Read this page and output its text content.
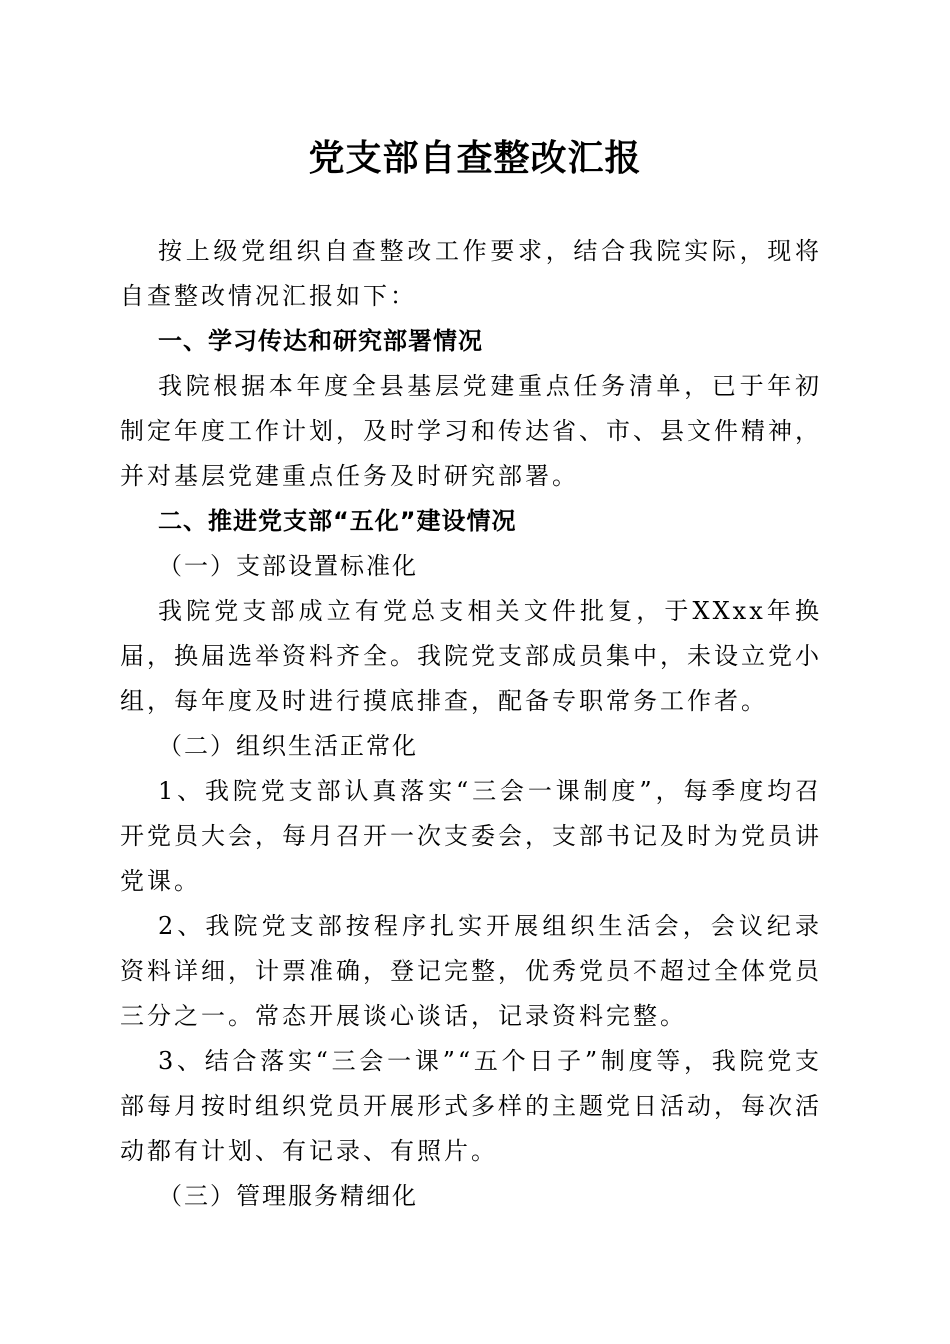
党支部自查整改汇报

按上级党组织自查整改工作要求，结合我院实际，现将自查整改情况汇报如下：

一、学习传达和研究部署情况

我院根据本年度全县基层党建重点任务清单，已于年初制定年度工作计划，及时学习和传达省、市、县文件精神，并对基层党建重点任务及时研究部署。

二、推进党支部“五化”建设情况

（一）支部设置标准化

我院党支部成立有党总支相关文件批复，于XXxx年换届，换届选举资料齐全。我院党支部成员集中，未设立党小组，每年度及时进行摸底排查，配备专职常务工作者。

（二）组织生活正常化

1、我院党支部认真落实“三会一课制度”，每季度均召开党员大会，每月召开一次支委会，支部书记及时为党员讲党课。

2、我院党支部按程序扎实开展组织生活会，会议纪录资料详细，计票准确，登记完整，优秀党员不超过全体党员三分之一。常态开展谈心谈话，记录资料完整。

3、结合落实“三会一课”“五个日子”制度等，我院党支部每月按时组织党员开展形式多样的主题党日活动，每次活动都有计划、有记录、有照片。

（三）管理服务精细化
